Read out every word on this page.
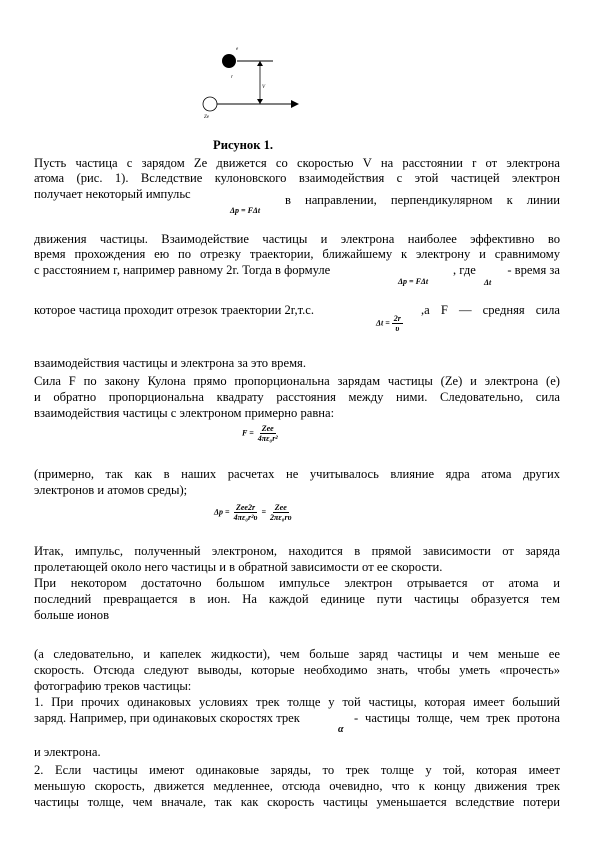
e
r
V
Ze
Рисунок 1.
Пусть частица с зарядом Ze движется со скоростью V на расстоянии r от электрона
атома (рис. 1). Вследствие кулоновского взаимодействия с этой частицей электрон
получает некоторый импульс
Δp = FΔt
в направлении, перпендикулярном к линии
движения частицы. Взаимодействие частицы и электрона наиболее эффективно во
время прохождения ею по отрезку траектории, ближайшему к электрону и сравнимому
с расстоянием r, например равному 2r. Тогда в формуле
Δp = FΔt
, где
Δt
- время за
которое частица проходит отрезок траектории 2r,т.с.
$\Delta t = \frac{2r}{\upsilon}$
,а F — средняя сила
взаимодействия частицы и электрона за это время.
Сила F по закону Кулона прямо пропорциональна зарядам частицы (Ze) и электрона (e)
и обратно пропорциональна квадрату расстояния между ними. Следовательно, сила
взаимодействия частицы с электроном примерно равна:
$F = \frac{\text{Zee}}{\text{4πε₀r²}}$
(примерно, так как в наших расчетах не учитывалось влияние ядра атома других
электронов и атомов среды);
$\Delta p = \frac{\text{Zee2r}}{\text{4πε₀r²υ}} = \frac{\text{Zee}}{\text{2πε₀rυ}}$
Итак, импульс, полученный электроном, находится в прямой зависимости от заряда
пролетающей около него частицы и в обратной зависимости от ее скорости.
При некотором достаточно большом импульсе электрон отрывается от атома и
последний превращается в ион. На каждой единице пути частицы образуется тем
больше ионов
(а следовательно, и капелек жидкости), чем больше заряд частицы и чем меньше ее
скорость. Отсюда следуют выводы, которые необходимо знать, чтобы уметь «прочесть»
фотографию треков частицы:
1. При прочих одинаковых условиях трек толще у той частицы, которая имеет больший
заряд. Например, при одинаковых скоростях трек
α
- частицы толще, чем трек протона
и электрона.
2. Если частицы имеют одинаковые заряды, то трек толще у той, которая имеет
меньшую скорость, движется медленнее, отсюда очевидно, что к концу движения трек
частицы толще, чем вначале, так как скорость частицы уменьшается вследствие потери
